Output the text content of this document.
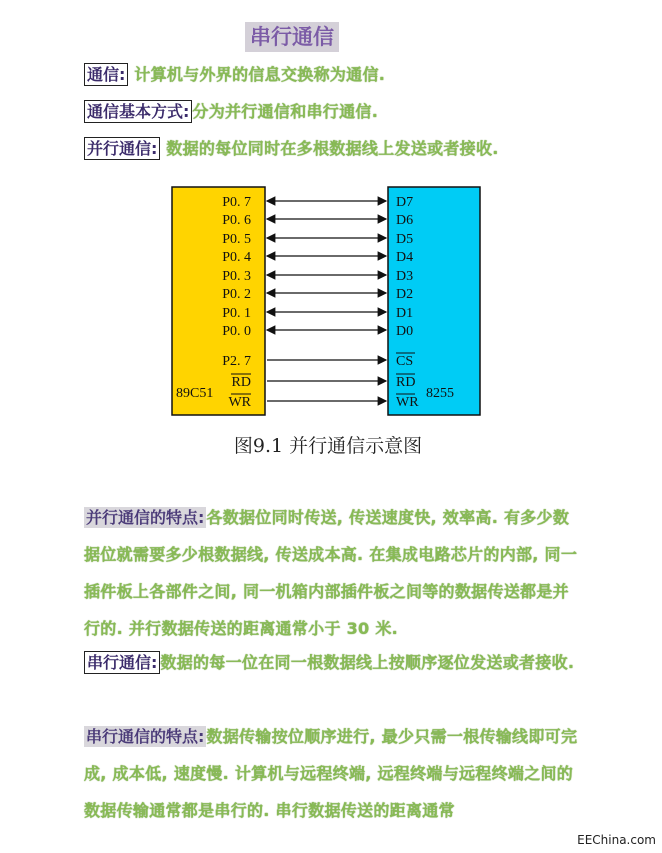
串行通信
通信: 计算机与外界的信息交换称为通信.
通信基本方式: 分为并行通信和串行通信.
并行通信: 数据的每位同时在多根数据线上发送或者接收.
P0. 7
P0. 6
P0. 5
P0. 4
P0. 3
P0. 2
P0. 1
P0. 0
P2. 7
RD
WR
D7
D6
D5
D4
D3
D2
D1
D0
CS
RD
WR
89C51	8255
图9.1 并行通信示意图
并行通信的特点: 各数据位同时传送, 传送速度快, 效率高. 有多少数据位就需要多少根数据线, 传送成本高. 在集成电路芯片的内部, 同一插件板上各部件之间, 同一机箱内部插件板之间等的数据传送都是并行的. 并行数据传送的距离通常小于 30 米.
串行通信: 数据的每一位在同一根数据线上按顺序逐位发送或者接收.
串行通信的特点: 数据传输按位顺序进行, 最少只需一根传输线即可完成, 成本低, 速度慢. 计算机与远程终端, 远程终端与远程终端之间的数据传输通常都是串行的. 串行数据传送的距离通常
EEChina.com
